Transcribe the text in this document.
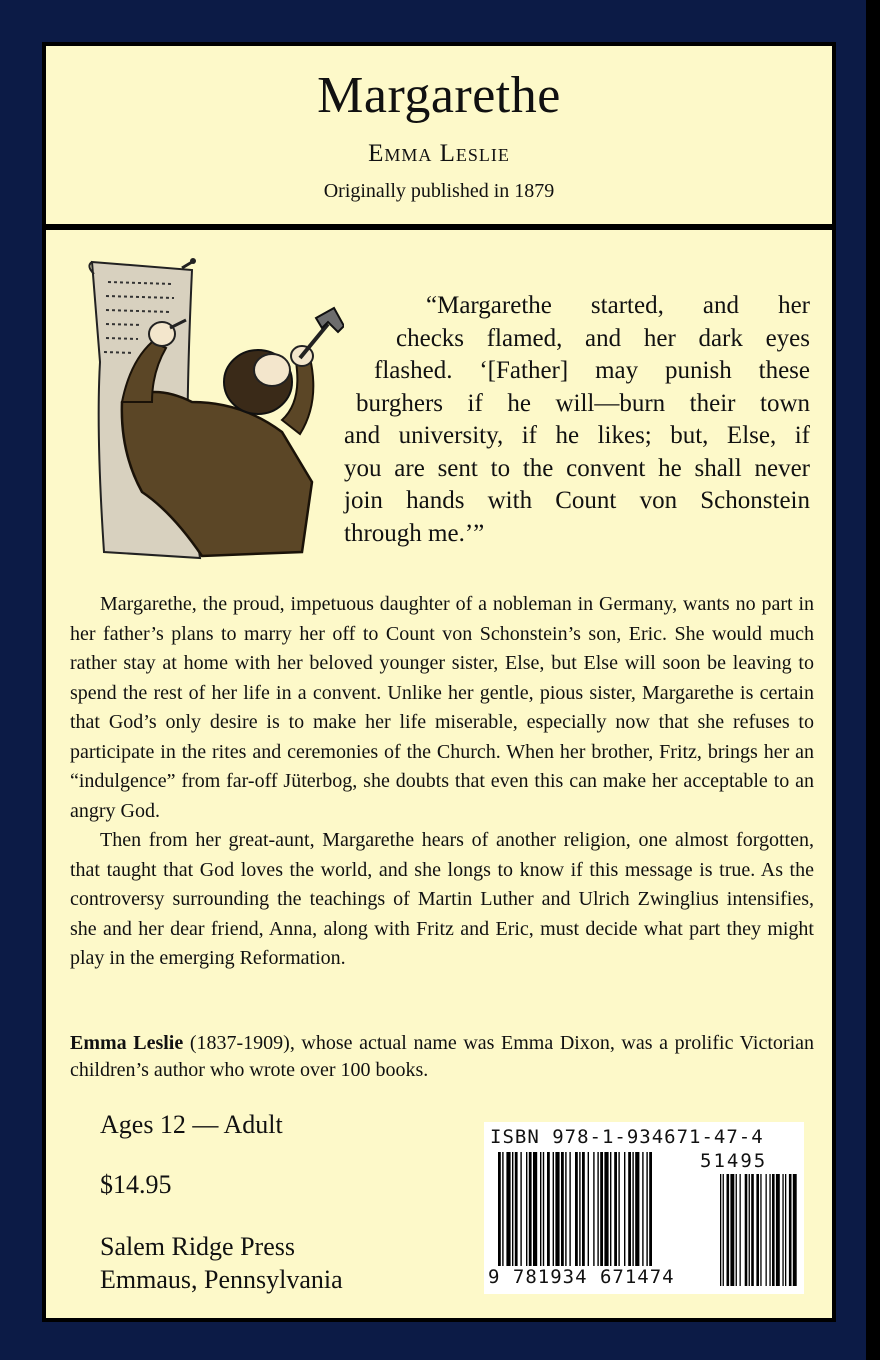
Margarethe
Emma Leslie
Originally published in 1879
“Margarethe started, and her
checks flamed, and her dark eyes
flashed. ‘[Father] may punish these
burghers if he will—burn their town
and university, if he likes; but, Else, if
you are sent to the convent he shall never
join hands with Count von Schonstein
through me.’”

Margarethe, the proud, impetuous daughter of a nobleman in Germany, wants no part in her father’s plans to marry her off to Count von Schonstein’s son, Eric. She would much rather stay at home with her beloved younger sister, Else, but Else will soon be leaving to spend the rest of her life in a convent. Unlike her gentle, pious sister, Margarethe is certain that God’s only desire is to make her life miserable, especially now that she refuses to participate in the rites and ceremonies of the Church. When her brother, Fritz, brings her an “indulgence” from far-off Jüterbog, she doubts that even this can make her acceptable to an angry God.

Then from her great-aunt, Margarethe hears of another religion, one almost forgotten, that taught that God loves the world, and she longs to know if this message is true. As the controversy surrounding the teachings of Martin Luther and Ulrich Zwinglius intensifies, she and her dear friend, Anna, along with Fritz and Eric, must decide what part they might play in the emerging Reformation.

Emma Leslie (1837-1909), whose actual name was Emma Dixon, was a prolific Victorian children’s author who wrote over 100 books.
Ages 12 — Adult
$14.95
Salem Ridge Press
Emmaus, Pennsylvania
ISBN 978-1-934671-47-4
51495
9 781934 671474
